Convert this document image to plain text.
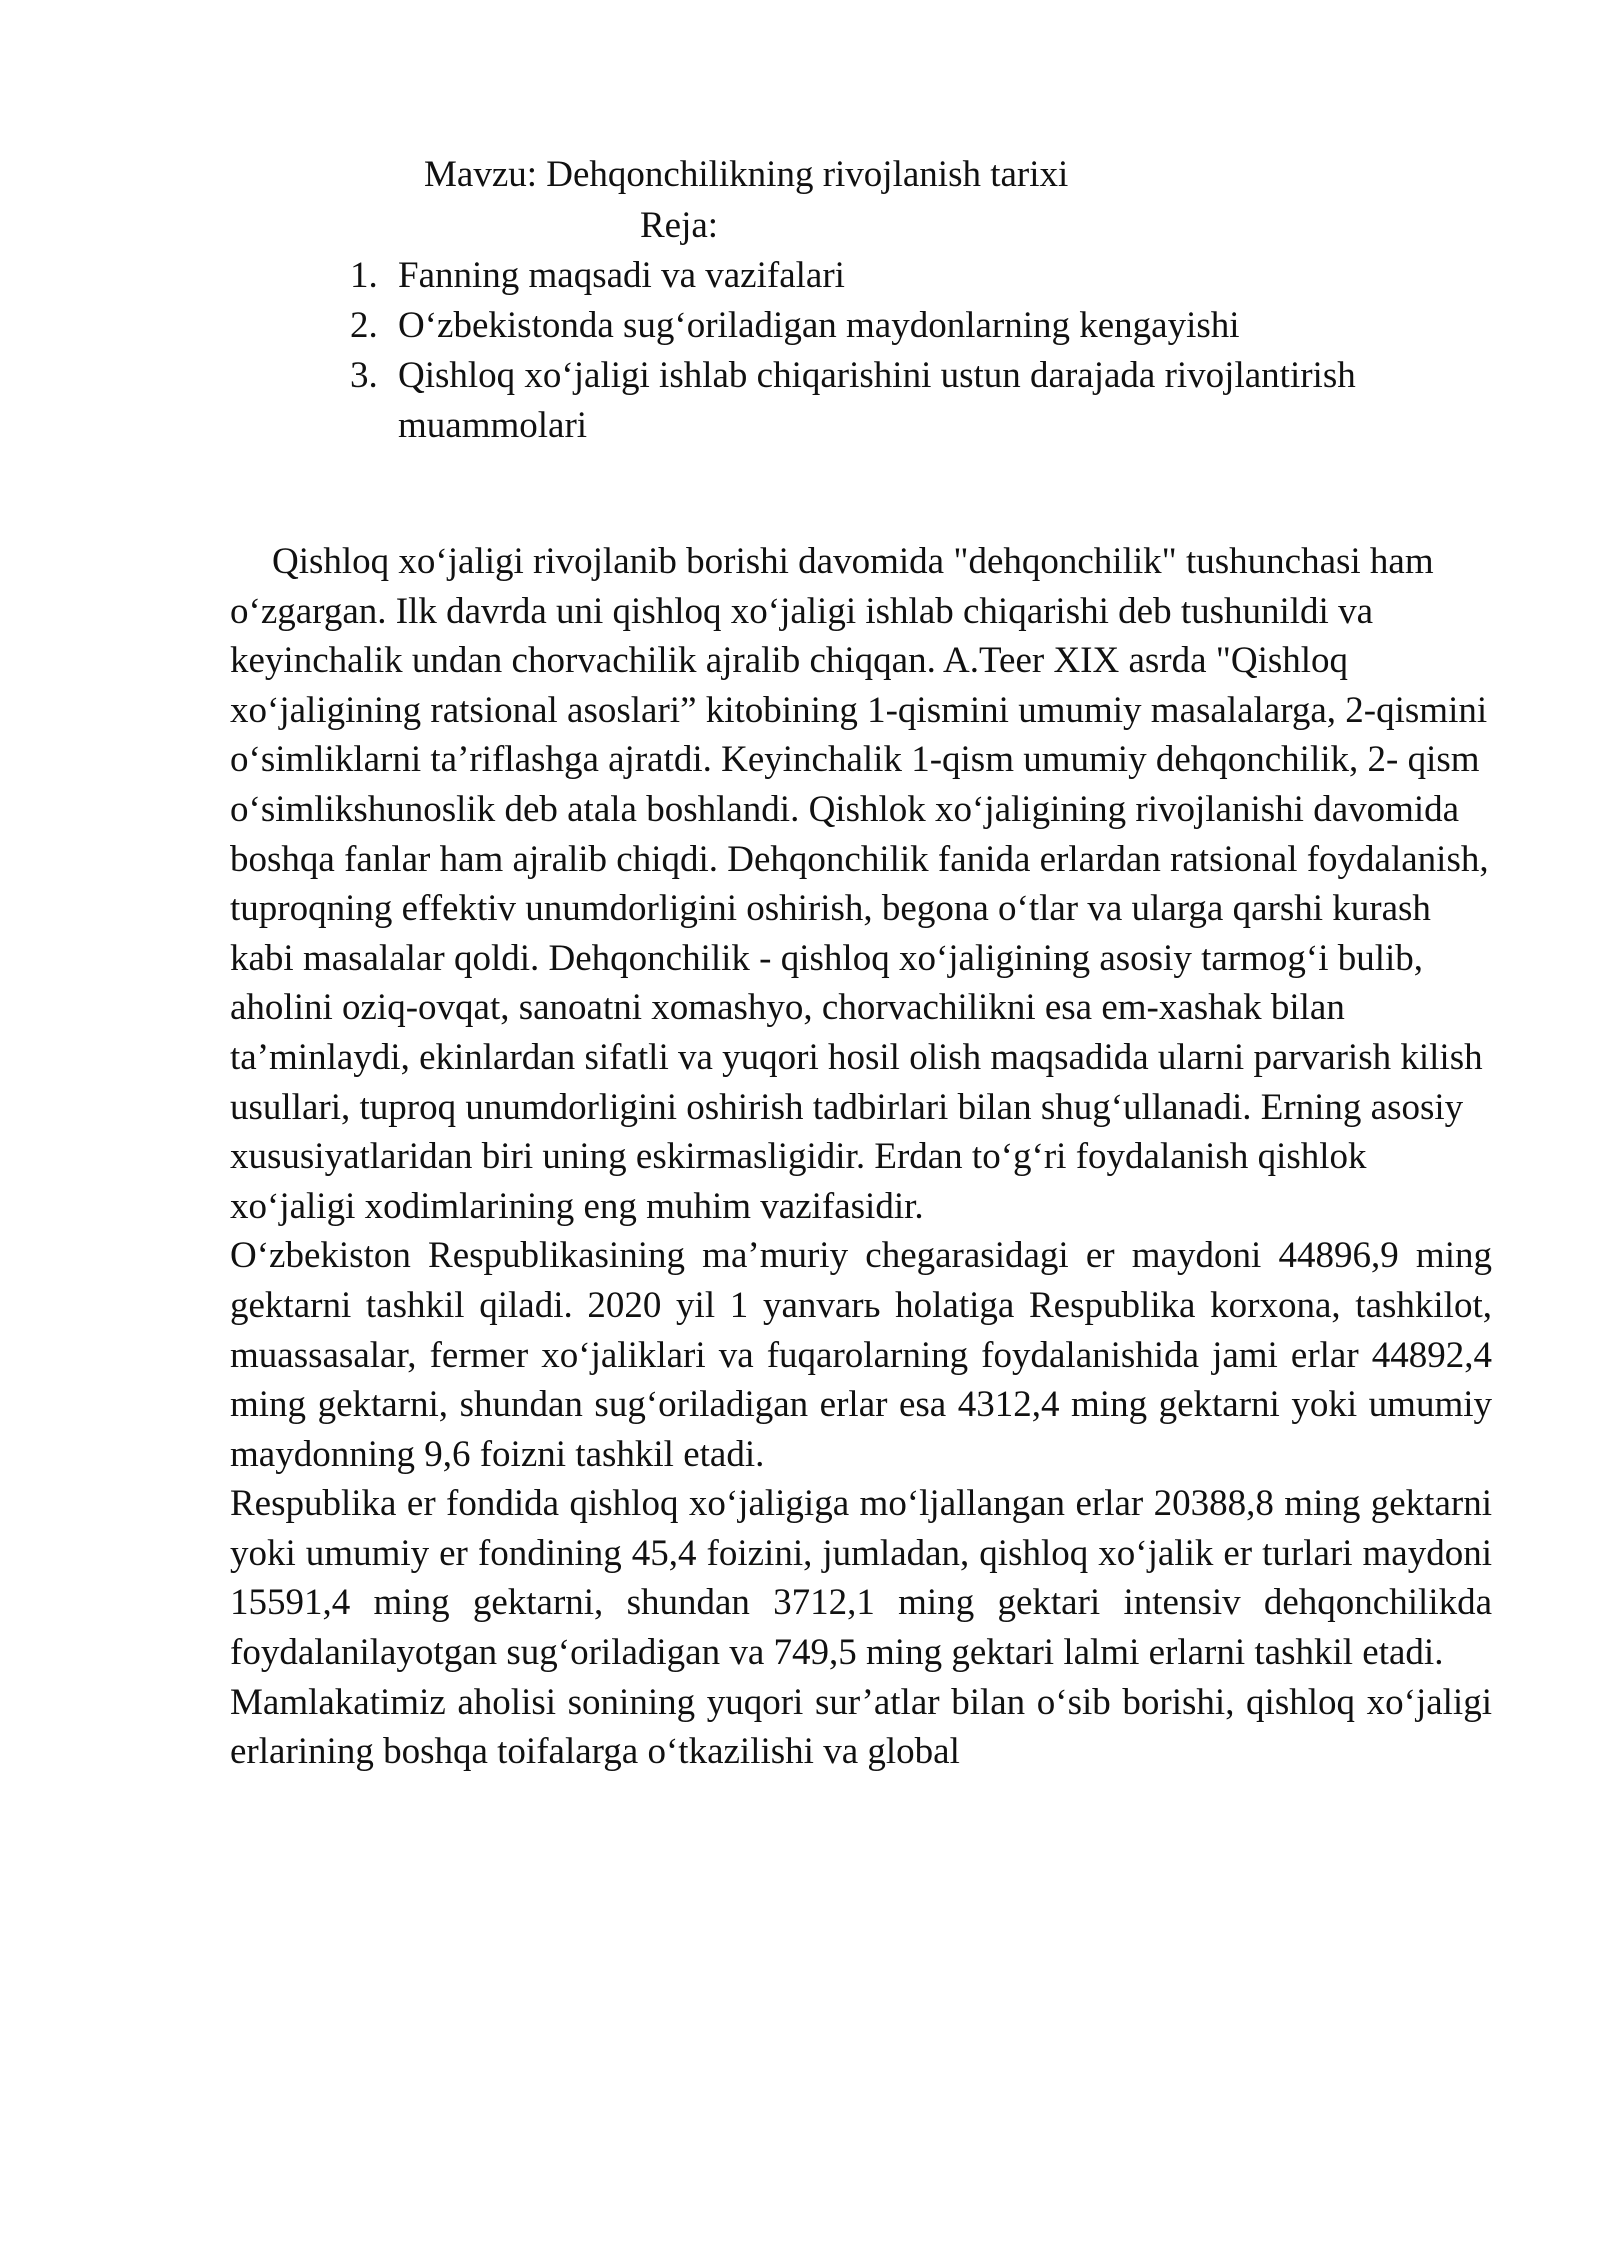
Mavzu: Dehqonchilikning rivojlanish tarixi
Reja:
1. Fanning maqsadi va vazifalari
2. O‘zbekistonda sug‘oriladigan maydonlarning kengayishi
3. Qishloq xo‘jaligi ishlab chiqarishini ustun darajada rivojlantirish muammolari

Qishloq xo‘jaligi rivojlanib borishi davomida "dehqonchilik" tushunchasi ham o‘zgargan. Ilk davrda uni qishloq xo‘jaligi ishlab chiqarishi deb tushunildi va keyinchalik undan chorvachilik ajralib chiqqan. A.Teer XIX asrda "Qishloq xo‘jaligining ratsional asoslari” kitobining 1-qismini umumiy masalalarga, 2-qismini o‘simliklarni ta’riflashga ajratdi. Keyinchalik 1-qism umumiy dehqonchilik, 2- qism o‘simlikshunoslik deb atala boshlandi. Qishlok xo‘jaligining rivojlanishi davomida boshqa fanlar ham ajralib chiqdi. Dehqonchilik fanida erlardan ratsional foydalanish, tuproqning effektiv unumdorligini oshirish, begona o‘tlar va ularga qarshi kurash kabi masalalar qoldi. Dehqonchilik - qishloq xo‘jaligining asosiy tarmog‘i bulib, aholini oziq-ovqat, sanoatni xomashyo, chorvachilikni esa em-xashak bilan ta’minlaydi, ekinlardan sifatli va yuqori hosil olish maqsadida ularni parvarish kilish usullari, tuproq unumdorligini oshirish tadbirlari bilan shug‘ullanadi. Erning asosiy xususiyatlaridan biri uning eskirmasligidir. Erdan to‘g‘ri foydalanish qishlok xo‘jaligi xodimlarining eng muhim vazifasidir.

O‘zbekiston Respublikasining ma’muriy chegarasidagi er maydoni 44896,9 ming gektarni tashkil qiladi. 2020 yil 1 yanvarь holatiga Respublika korxona, tashkilot, muassasalar, fermer xo‘jaliklari va fuqarolarning foydalanishida jami erlar 44892,4 ming gektarni, shundan sug‘oriladigan erlar esa 4312,4 ming gektarni yoki umumiy maydonning 9,6 foizni tashkil etadi.

Respublika er fondida qishloq xo‘jaligiga mo‘ljallangan erlar 20388,8 ming gektarni yoki umumiy er fondining 45,4 foizini, jumladan, qishloq xo‘jalik er turlari maydoni 15591,4 ming gektarni, shundan 3712,1 ming gektari intensiv dehqonchilikda foydalanilayotgan sug‘oriladigan va 749,5 ming gektari lalmi erlarni tashkil etadi.

Mamlakatimiz aholisi sonining yuqori sur’atlar bilan o‘sib borishi, qishloq xo‘jaligi erlarining boshqa toifalarga o‘tkazilishi va global
